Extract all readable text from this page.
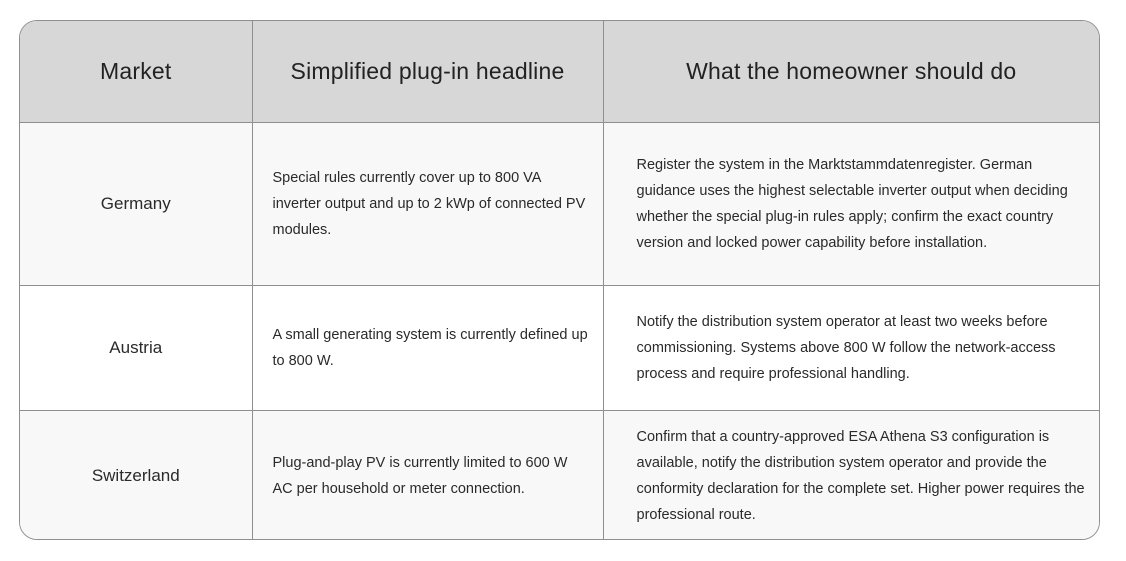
Market	Simplified plug-in headline	What the homeowner should do
Germany	Special rules currently cover up to 800 VA inverter output and up to 2 kWp of connected PV modules.	Register the system in the Marktstammdatenregister. German guidance uses the highest selectable inverter output when deciding whether the special plug-in rules apply; confirm the exact country version and locked power capability before installation.
Austria	A small generating system is currently defined up to 800 W.	Notify the distribution system operator at least two weeks before commissioning. Systems above 800 W follow the network-access process and require professional handling.
Switzerland	Plug-and-play PV is currently limited to 600 W AC per household or meter connection.	Confirm that a country-approved ESA Athena S3 configuration is available, notify the distribution system operator and provide the conformity declaration for the complete set. Higher power requires the professional route.
